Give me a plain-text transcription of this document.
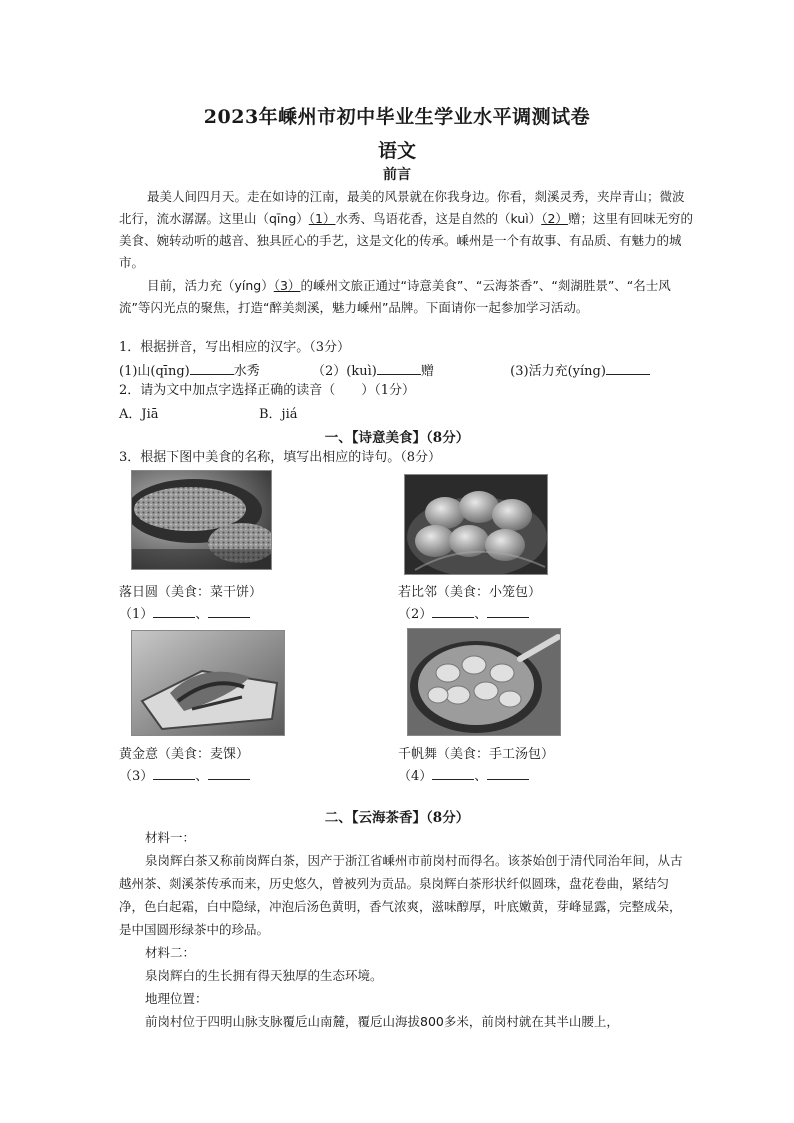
2023年嵊州市初中毕业生学业水平调测试卷
语文
前言

最美人间四月天。走在如诗的江南，最美的风景就在你我身边。你看，剡溪灵秀，夹岸青山；微波北行，流水潺潺。这里山（qīng）（1）水秀、鸟语花香，这是自然的（kuì）（2）赠；这里有回味无穷的美食、婉转动听的越音、独具匠心的手艺，这是文化的传承。嵊州是一个有故事、有品质、有魅力的城市。

目前，活力充（yíng）（3）的嵊州文旅正通过“诗意美食”、“云海茶香”、“剡湖胜景”、“名士风流”等闪光点的聚焦，打造“醉美剡溪，魅力嵊州”品牌。下面请你一起参加学习活动。

1．根据拼音，写出相应的汉字。（3分）
(1)山(qīng)	水秀	（2）(kuì)	赠	(3)活力充(yíng)
2．请为文中加点字选择正确的读音（　　）（1分）
A．Jiā	B．jiá
一、【诗意美食】（8分）
3．根据下图中美食的名称，填写出相应的诗句。（8分）
落日圆（美食：菜干饼）	若比邻（美食：小笼包）
（1）	、	（2）	、
黄金意（美食：麦馃）	千帆舞（美食：手工汤包）
（3）	、	（4）	、
二、【云海茶香】（8分）
材料一：
泉岗辉白茶又称前岗辉白茶，因产于浙江省嵊州市前岗村而得名。该茶始创于清代同治年间，从古越州茶、剡溪茶传承而来，历史悠久，曾被列为贡品。泉岗辉白茶形状纤似圆珠，盘花卷曲，紧结匀净，色白起霜，白中隐绿，冲泡后汤色黄明，香气浓爽，滋味醇厚，叶底嫩黄，芽峰显露，完整成朵，是中国圆形绿茶中的珍品。
材料二：
泉岗辉白的生长拥有得天独厚的生态环境。
地理位置：
前岗村位于四明山脉支脉覆卮山南麓，覆卮山海拔800多米，前岗村就在其半山腰上，
